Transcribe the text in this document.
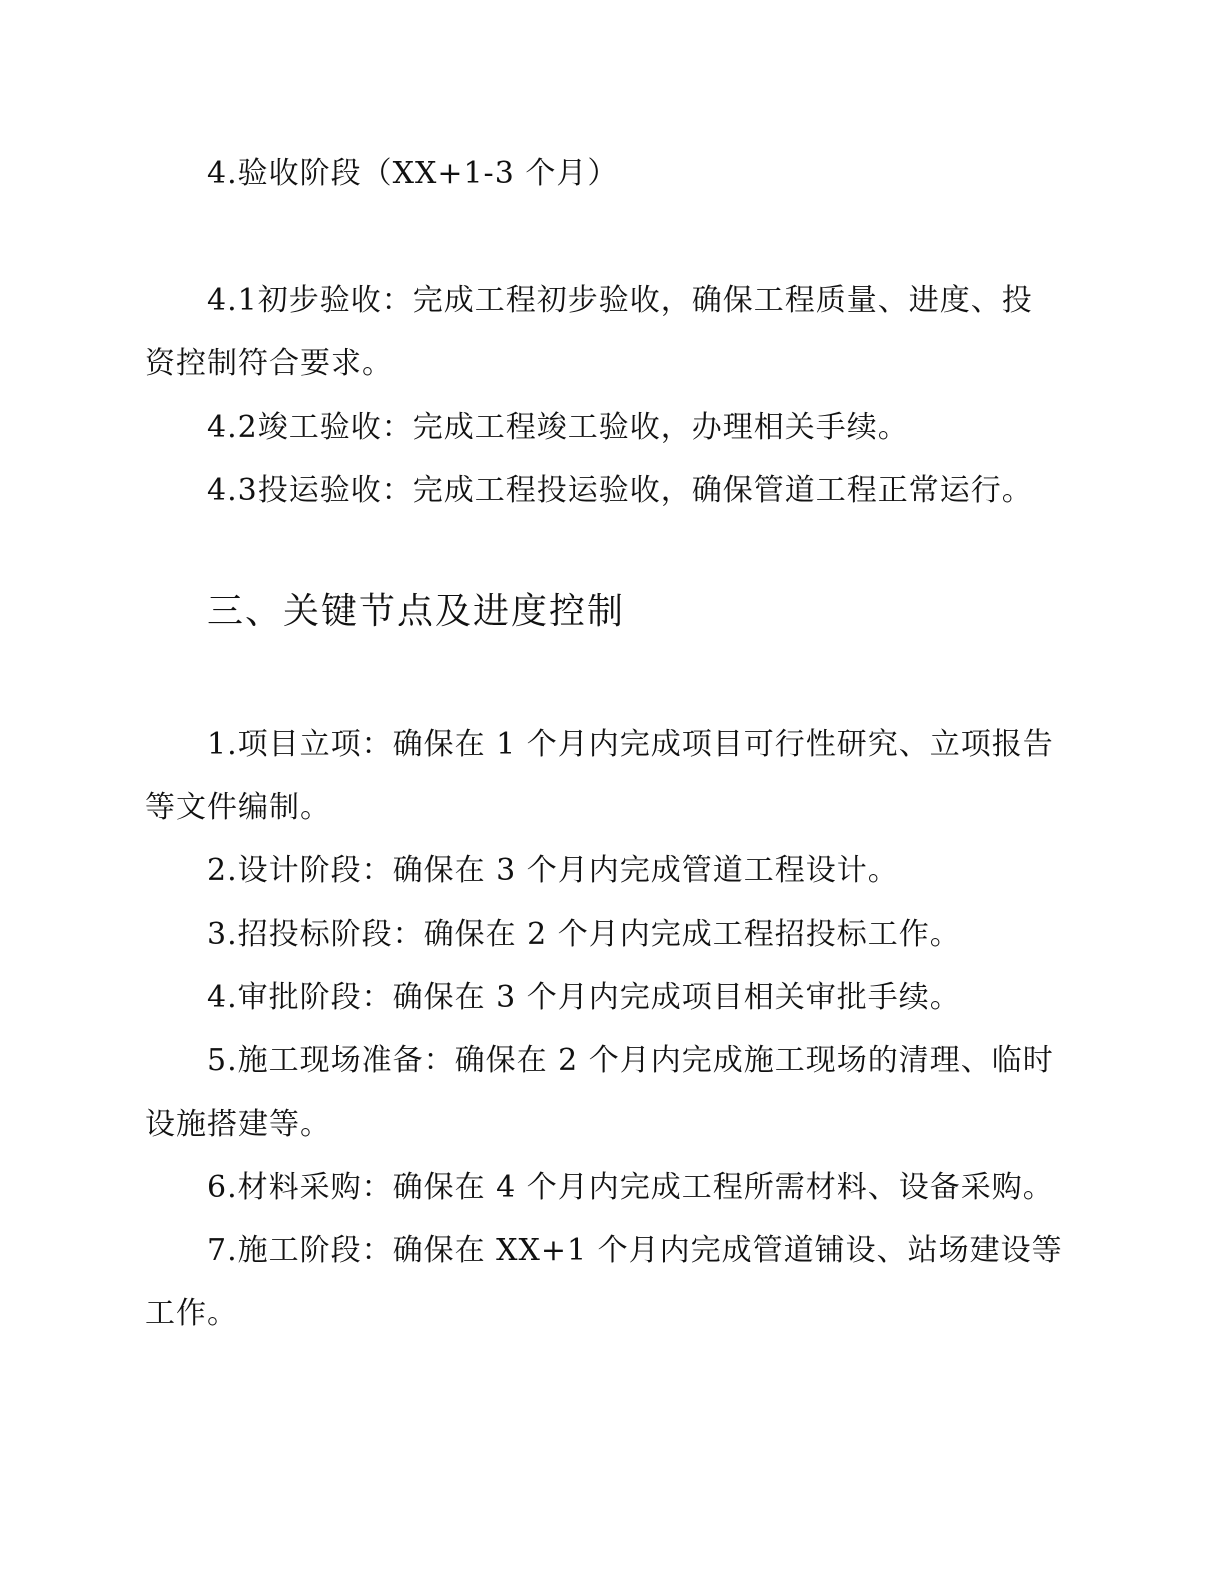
4.验收阶段（XX+1-3 个月）

4.1初步验收：完成工程初步验收，确保工程质量、进度、投

资控制符合要求。

4.2竣工验收：完成工程竣工验收，办理相关手续。

4.3投运验收：完成工程投运验收，确保管道工程正常运行。

三、关键节点及进度控制

1.项目立项：确保在 1 个月内完成项目可行性研究、立项报告

等文件编制。

2.设计阶段：确保在 3 个月内完成管道工程设计。

3.招投标阶段：确保在 2 个月内完成工程招投标工作。

4.审批阶段：确保在 3 个月内完成项目相关审批手续。

5.施工现场准备：确保在 2 个月内完成施工现场的清理、临时

设施搭建等。

6.材料采购：确保在 4 个月内完成工程所需材料、设备采购。

7.施工阶段：确保在 XX+1 个月内完成管道铺设、站场建设等

工作。
